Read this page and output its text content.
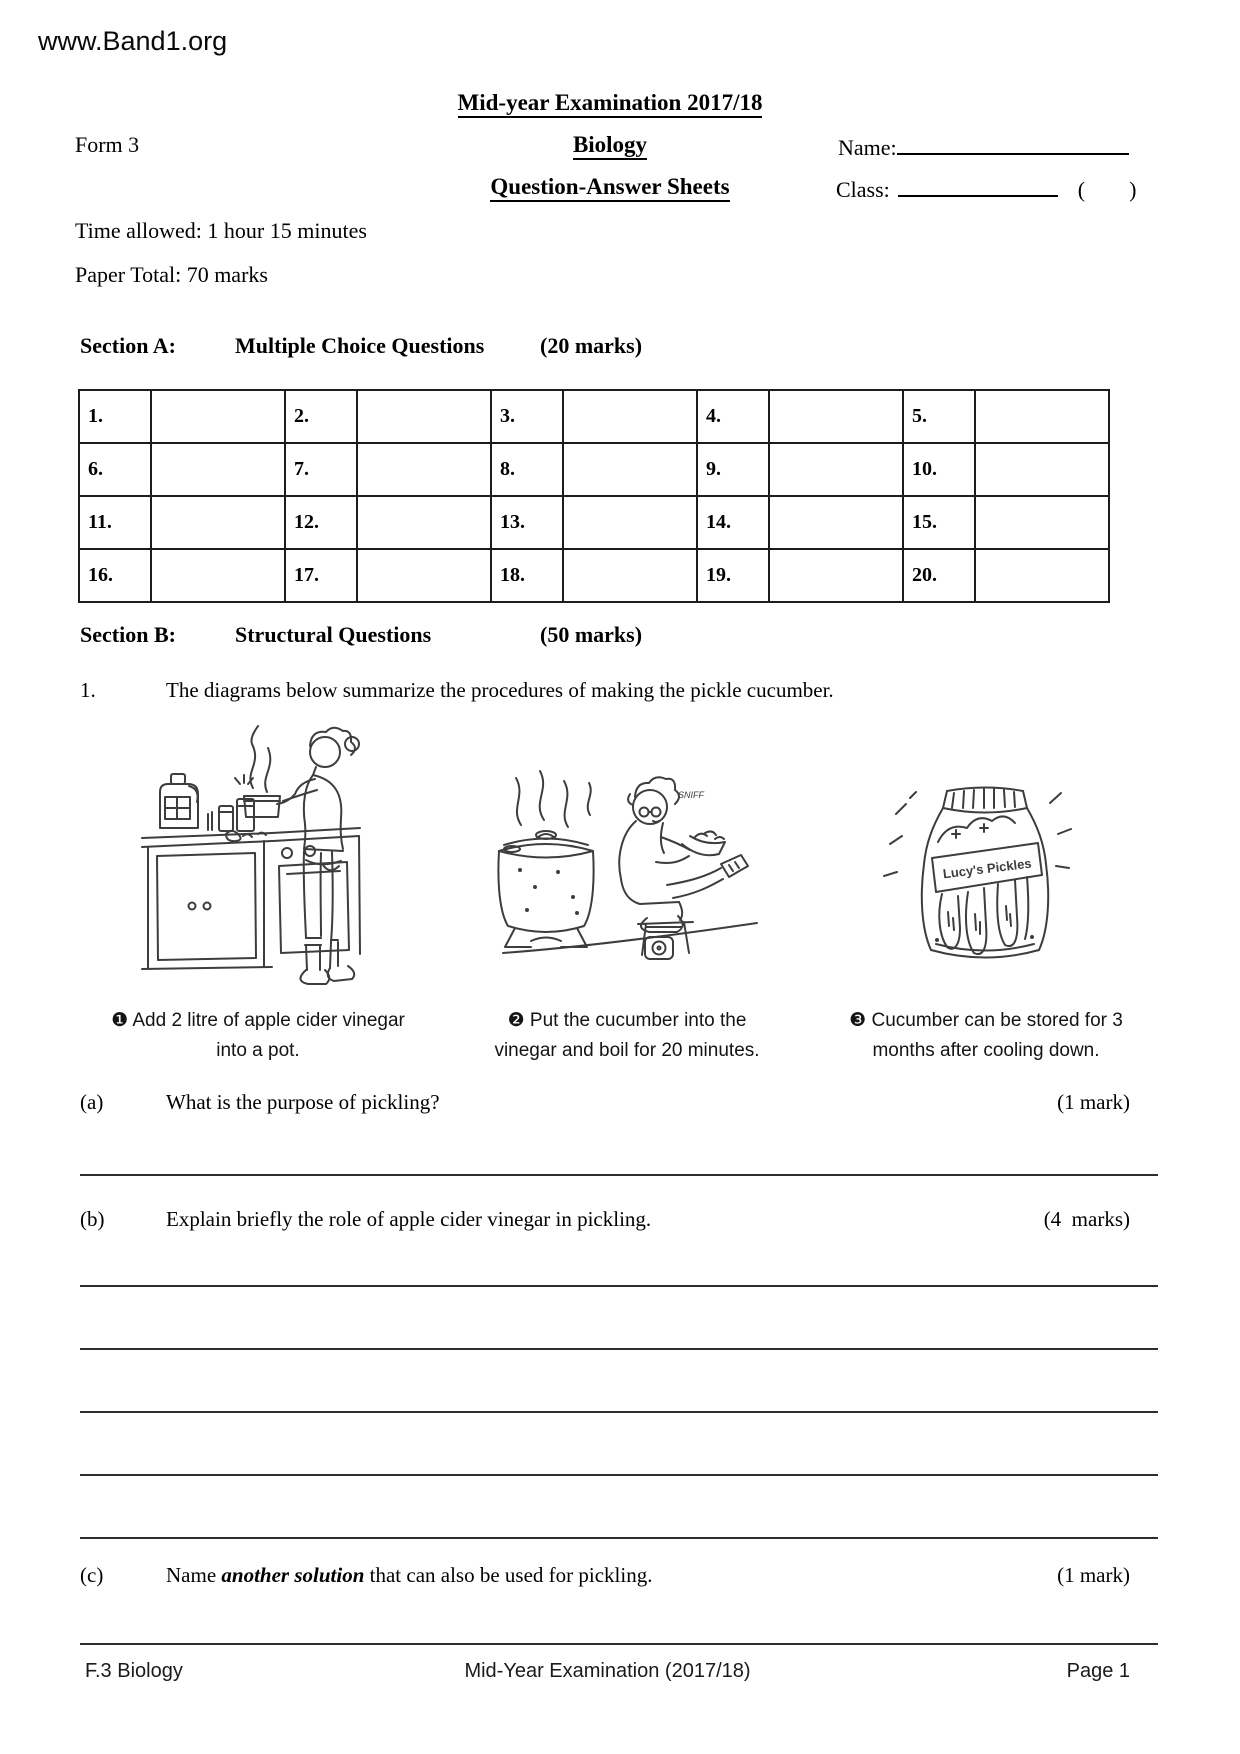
www.Band1.org
Mid-year Examination 2017/18
Biology
Question-Answer Sheets
Form 3
Time allowed: 1 hour 15 minutes
Paper Total: 70 marks
Name:
Class:	(        )
Section A:	Multiple Choice Questions	(20 marks)
1.		2.		3.		4.		5.	
6.		7.		8.		9.		10.	
11.		12.		13.		14.		15.	
16.		17.		18.		19.		20.	
Section B:	Structural Questions	(50 marks)
1.	The diagrams below summarize the procedures of making the pickle cucumber.
SNIFF
Lucy's Pickles
❶ Add 2 litre of apple cider vinegar
into a pot.
❷ Put the cucumber into the
vinegar and boil for 20 minutes.
❸ Cucumber can be stored for 3
months after cooling down.
(a)	What is the purpose of pickling?	(1 mark)
(b)	Explain briefly the role of apple cider vinegar in pickling.	(4  marks)
(c)	Name another solution that can also be used for pickling.	(1 mark)
F.3 Biology	Mid-Year Examination (2017/18)	Page 1
